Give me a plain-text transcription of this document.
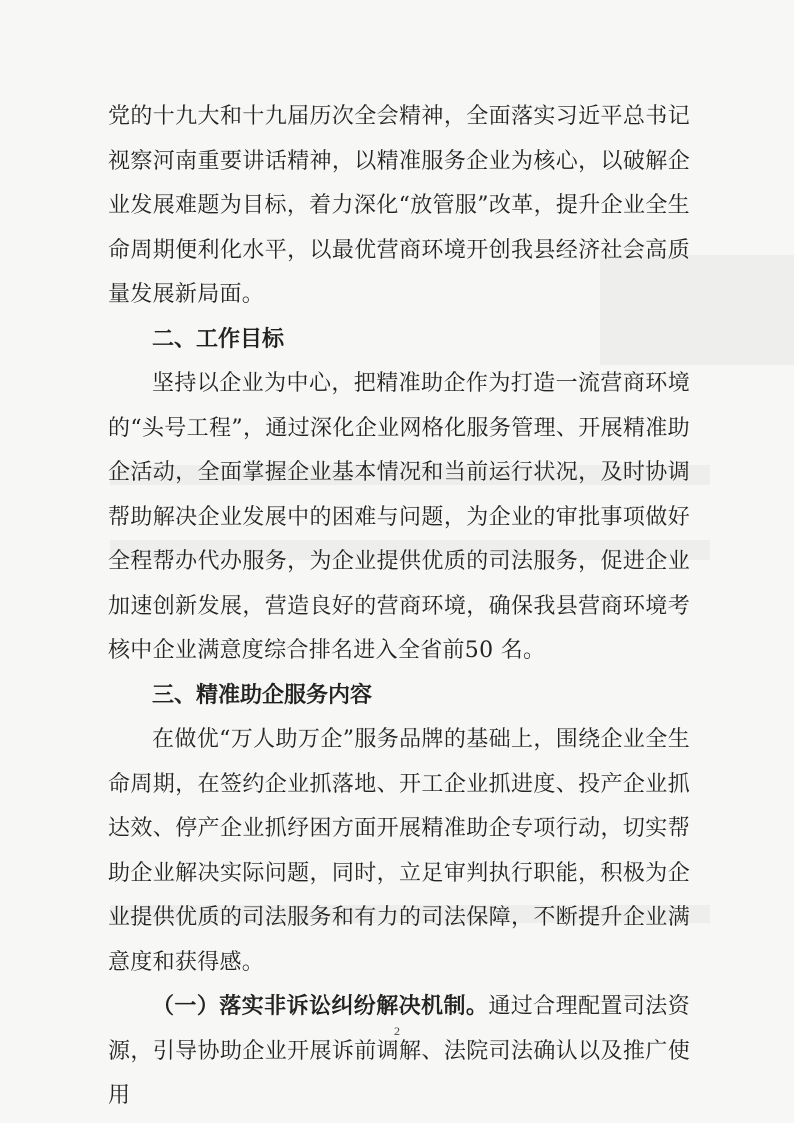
党的十九大和十九届历次全会精神，全面落实习近平总书记视察河南重要讲话精神，以精准服务企业为核心，以破解企业发展难题为目标，着力深化“放管服”改革，提升企业全生命周期便利化水平，以最优营商环境开创我县经济社会高质量发展新局面。

二、工作目标

坚持以企业为中心，把精准助企作为打造一流营商环境的“头号工程”，通过深化企业网格化服务管理、开展精准助企活动，全面掌握企业基本情况和当前运行状况，及时协调帮助解决企业发展中的困难与问题，为企业的审批事项做好全程帮办代办服务，为企业提供优质的司法服务，促进企业加速创新发展，营造良好的营商环境，确保我县营商环境考核中企业满意度综合排名进入全省前50 名。

三、精准助企服务内容

在做优“万人助万企”服务品牌的基础上，围绕企业全生命周期，在签约企业抓落地、开工企业抓进度、投产企业抓达效、停产企业抓纾困方面开展精准助企专项行动，切实帮助企业解决实际问题，同时，立足审判执行职能，积极为企业提供优质的司法服务和有力的司法保障，不断提升企业满意度和获得感。

（一）落实非诉讼纠纷解决机制。通过合理配置司法资源，引导协助企业开展诉前调解、法院司法确认以及推广使用

2
